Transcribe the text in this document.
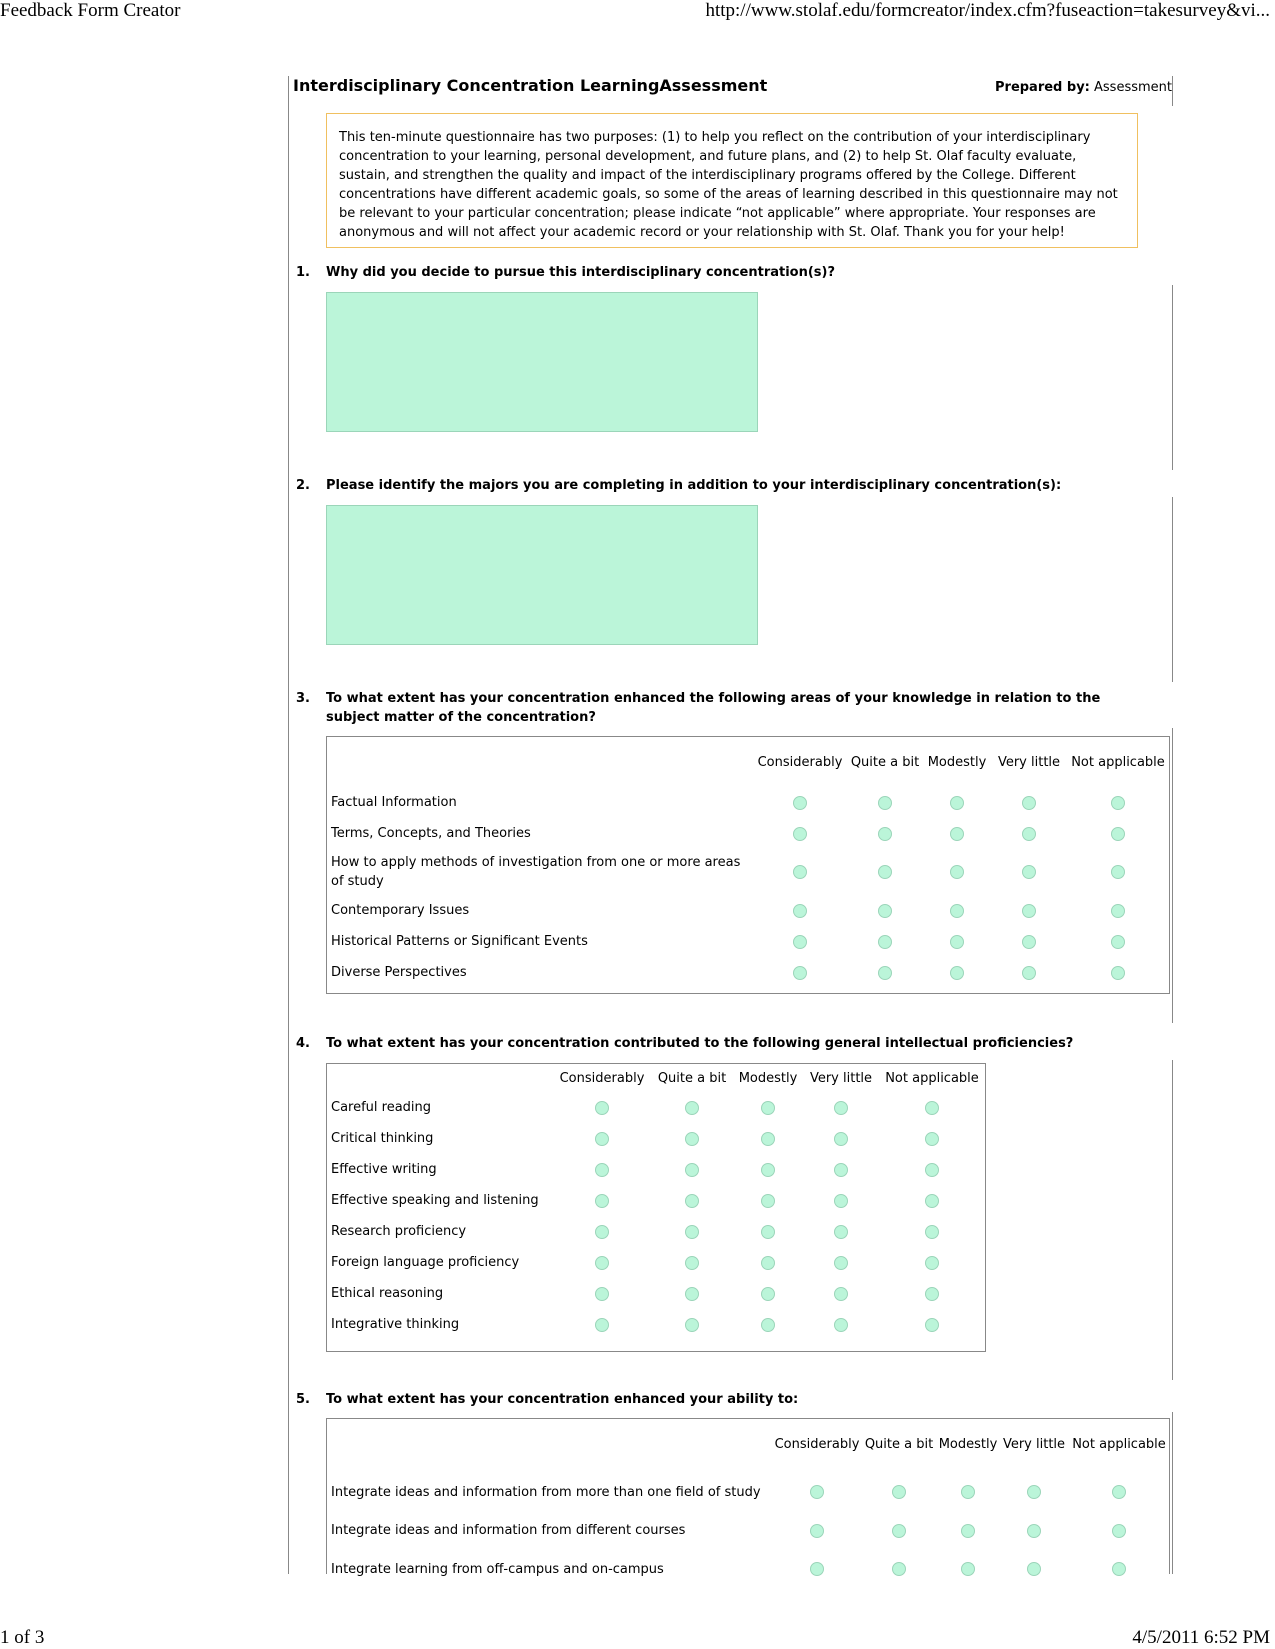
Feedback Form Creator	http://www.stolaf.edu/formcreator/index.cfm?fuseaction=takesurvey&vi...
Interdisciplinary Concentration LearningAssessment	Prepared by: Assessment
This ten-minute questionnaire has two purposes: (1) to help you reflect on the contribution of your interdisciplinary concentration to your learning, personal development, and future plans, and (2) to help St. Olaf faculty evaluate, sustain, and strengthen the quality and impact of the interdisciplinary programs offered by the College. Different concentrations have different academic goals, so some of the areas of learning described in this questionnaire may not be relevant to your particular concentration; please indicate “not applicable” where appropriate. Your responses are anonymous and will not affect your academic record or your relationship with St. Olaf. Thank you for your help!
1. Why did you decide to pursue this interdisciplinary concentration(s)?
2. Please identify the majors you are completing in addition to your interdisciplinary concentration(s):
3. To what extent has your concentration enhanced the following areas of your knowledge in relation to the subject matter of the concentration?
	Considerably	Quite a bit	Modestly	Very little	Not applicable
Factual Information					
Terms, Concepts, and Theories					
How to apply methods of investigation from one or more areas of study					
Contemporary Issues					
Historical Patterns or Significant Events					
Diverse Perspectives					
4. To what extent has your concentration contributed to the following general intellectual proficiencies?
	Considerably	Quite a bit	Modestly	Very little	Not applicable
Careful reading					
Critical thinking					
Effective writing					
Effective speaking and listening					
Research proficiency					
Foreign language proficiency					
Ethical reasoning					
Integrative thinking					
5. To what extent has your concentration enhanced your ability to:
	Considerably	Quite a bit	Modestly	Very little	Not applicable
Integrate ideas and information from more than one field of study					
Integrate ideas and information from different courses					
Integrate learning from off-campus and on-campus					
1 of 3	4/5/2011 6:52 PM
